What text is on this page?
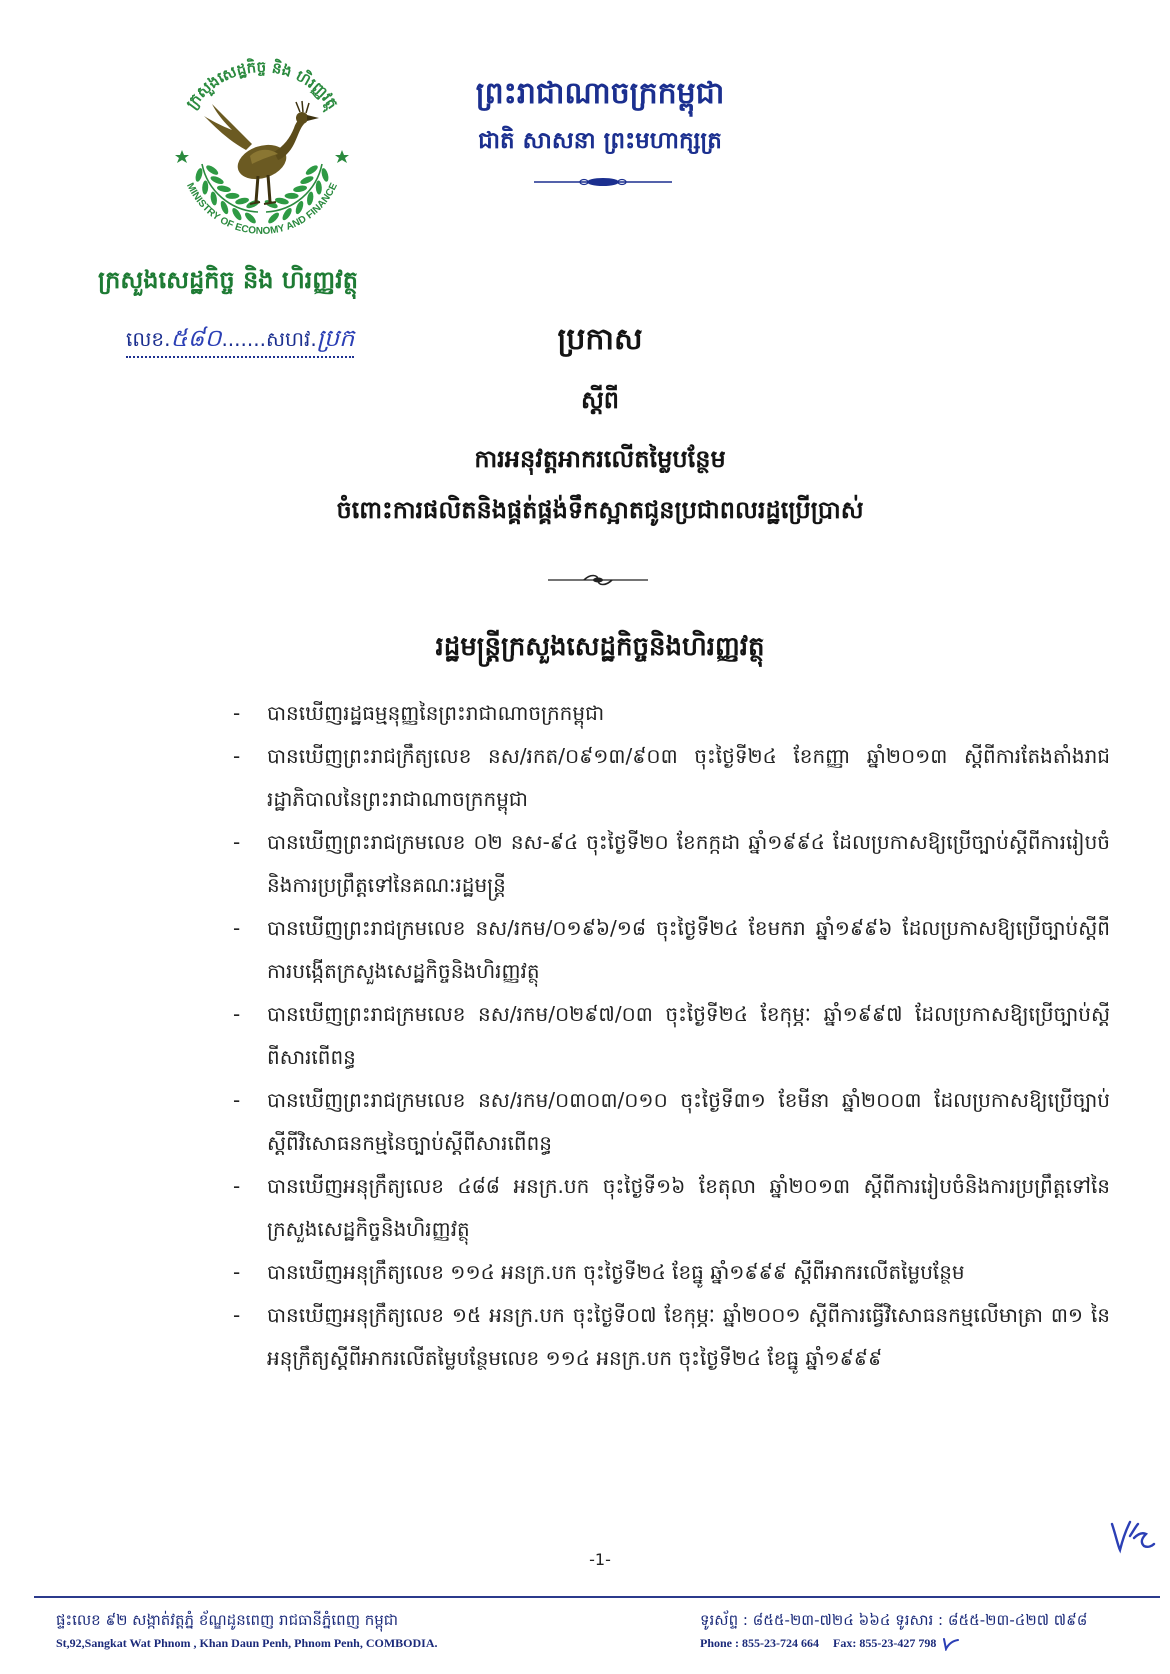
ក្រសួងសេដ្ឋកិច្ច និង ហិរញ្ញវត្ថុ
MINISTRY OF ECONOMY AND FINANCE
ក្រសួងសេដ្ឋកិច្ច និង ហិរញ្ញវត្ថុ
លេខ.៥៨០.......សហវ.ប្រក
ព្រះរាជាណាចក្រកម្ពុជា
ជាតិ សាសនា ព្រះមហាក្សត្រ
ប្រកាស
ស្តីពី
ការអនុវត្តអាករលើតម្លៃបន្ថែម
ចំពោះការផលិតនិងផ្គត់ផ្គង់ទឹកស្អាតជូនប្រជាពលរដ្ឋប្រើប្រាស់
រដ្ឋមន្ត្រីក្រសួងសេដ្ឋកិច្ចនិងហិរញ្ញវត្ថុ
-	បានឃើញរដ្ឋធម្មនុញ្ញនៃព្រះរាជាណាចក្រកម្ពុជា
-	បានឃើញព្រះរាជក្រឹត្យលេខ នស/រកត/០៩១៣/៩០៣ ចុះថ្ងៃទី២៤ ខែកញ្ញា ឆ្នាំ២០១៣ ស្តីពីការតែងតាំងរាជរដ្ឋាភិបាលនៃព្រះរាជាណាចក្រកម្ពុជា
-	បានឃើញព្រះរាជក្រមលេខ ០២ នស-៩៤ ចុះថ្ងៃទី២០ ខែកក្កដា ឆ្នាំ១៩៩៤ ដែលប្រកាសឱ្យប្រើច្បាប់ស្តីពីការរៀបចំនិងការប្រព្រឹត្តទៅនៃគណៈរដ្ឋមន្ត្រី
-	បានឃើញព្រះរាជក្រមលេខ នស/រកម/០១៩៦/១៨ ចុះថ្ងៃទី២៤ ខែមករា ឆ្នាំ១៩៩៦ ដែលប្រកាសឱ្យប្រើច្បាប់ស្តីពីការបង្កើតក្រសួងសេដ្ឋកិច្ចនិងហិរញ្ញវត្ថុ
-	បានឃើញព្រះរាជក្រមលេខ នស/រកម/០២៩៧/០៣ ចុះថ្ងៃទី២៤ ខែកុម្ភៈ ឆ្នាំ១៩៩៧ ដែលប្រកាសឱ្យប្រើច្បាប់ស្តីពីសារពើពន្ធ
-	បានឃើញព្រះរាជក្រមលេខ នស/រកម/០៣០៣/០១០ ចុះថ្ងៃទី៣១ ខែមីនា ឆ្នាំ២០០៣ ដែលប្រកាសឱ្យប្រើច្បាប់ស្តីពីវិសោធនកម្មនៃច្បាប់ស្តីពីសារពើពន្ធ
-	បានឃើញអនុក្រឹត្យលេខ ៤៨៨ អនក្រ.បក ចុះថ្ងៃទី១៦ ខែតុលា ឆ្នាំ២០១៣ ស្តីពីការរៀបចំនិងការប្រព្រឹត្តទៅនៃក្រសួងសេដ្ឋកិច្ចនិងហិរញ្ញវត្ថុ
-	បានឃើញអនុក្រឹត្យលេខ ១១៤ អនក្រ.បក ចុះថ្ងៃទី២៤ ខែធ្នូ ឆ្នាំ១៩៩៩ ស្តីពីអាករលើតម្លៃបន្ថែម
-	បានឃើញអនុក្រឹត្យលេខ ១៥ អនក្រ.បក ចុះថ្ងៃទី០៧ ខែកុម្ភៈ ឆ្នាំ២០០១ ស្តីពីការធ្វើវិសោធនកម្មលើមាត្រា ៣១ នៃអនុក្រឹត្យស្តីពីអាករលើតម្លៃបន្ថែមលេខ ១១៤ អនក្រ.បក ចុះថ្ងៃទី២៤ ខែធ្នូ ឆ្នាំ១៩៩៩
-1-
ផ្ទះលេខ ៩២ សង្កាត់វត្តភ្នំ ខ័ណ្ឌដូនពេញ រាជធានីភ្នំពេញ កម្ពុជា
St,92,Sangkat Wat Phnom , Khan Daun Penh, Phnom Penh, COMBODIA.
ទូរស័ព្ទ : ៨៥៥-២៣-៧២៤ ៦៦៤ ទូរសារ : ៨៥៥-២៣-៤២៧ ៧៩៨
Phone : 855-23-724 664 Fax: 855-23-427 798
